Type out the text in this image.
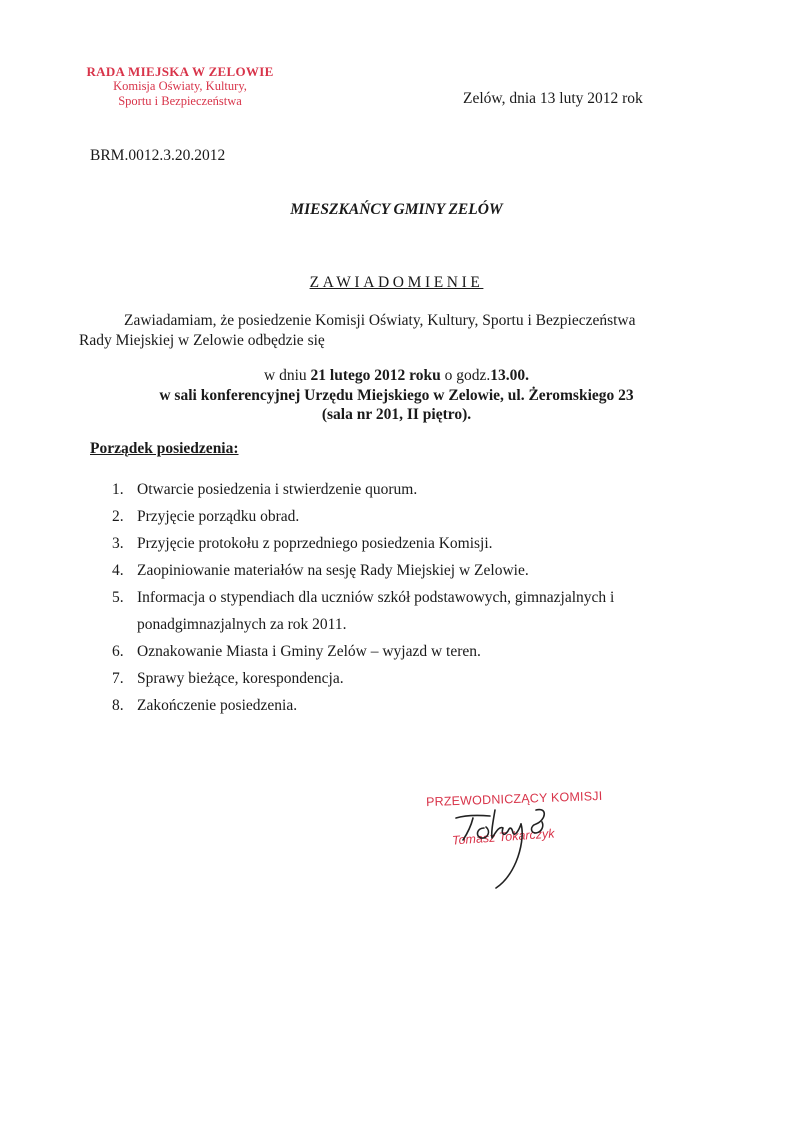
RADA MIEJSKA W ZELOWIE
Komisja Oświaty, Kultury,
Sportu i Bezpieczeństwa	Zelów, dnia 13 luty 2012 rok
BRM.0012.3.20.2012
MIESZKAŃCY GMINY ZELÓW
ZAWIADOMIENIE
Zawiadamiam, że posiedzenie Komisji Oświaty, Kultury, Sportu i Bezpieczeństwa
Rady Miejskiej w Zelowie odbędzie się
w dniu 21 lutego 2012 roku o godz.13.00.
w sali konferencyjnej Urzędu Miejskiego w Zelowie, ul. Żeromskiego 23
(sala nr 201, II piętro).
Porządek posiedzenia:
1. Otwarcie posiedzenia i stwierdzenie quorum.
2. Przyjęcie porządku obrad.
3. Przyjęcie protokołu z poprzedniego posiedzenia Komisji.
4. Zaopiniowanie materiałów na sesję Rady Miejskiej w Zelowie.
5. Informacja o stypendiach dla uczniów szkół podstawowych, gimnazjalnych i ponadgimnazjalnych za rok 2011.
6. Oznakowanie Miasta i Gminy Zelów – wyjazd w teren.
7. Sprawy bieżące, korespondencja.
8. Zakończenie posiedzenia.
PRZEWODNICZĄCY KOMISJI
Tomasz Tokarczyk
